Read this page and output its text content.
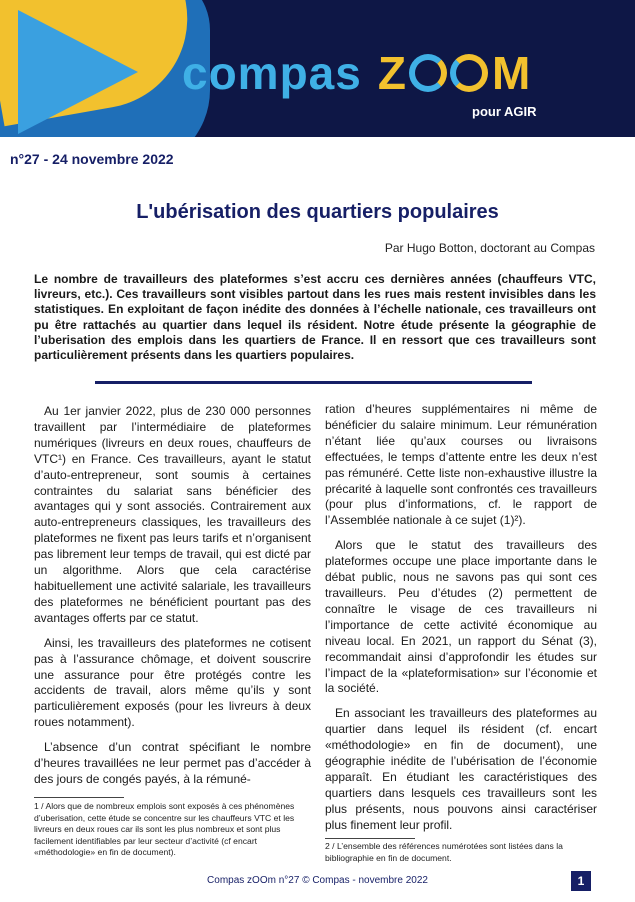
compas Z M
pour AGIR
n°27 - 24 novembre 2022
L'ubérisation des quartiers populaires
Par Hugo Botton, doctorant au Compas
Le nombre de travailleurs des plateformes s’est accru ces dernières années (chauffeurs VTC, livreurs, etc.). Ces travailleurs sont visibles partout dans les rues mais restent invisibles dans les statistiques. En exploitant de façon inédite des données à l’échelle nationale, ces travailleurs ont pu être rattachés au quartier dans lequel ils résident. Notre étude présente la géographie de l’uberisation des emplois dans les quartiers de France. Il en ressort que ces travailleurs sont particulièrement présents dans les quartiers populaires.

Au 1er janvier 2022, plus de 230 000 personnes travaillent par l’intermédiaire de plateformes numériques (livreurs en deux roues, chauffeurs de VTC¹) en France. Ces travailleurs, ayant le statut d’auto-entrepreneur, sont soumis à certaines contraintes du salariat sans bénéficier des avantages qui y sont associés. Contrairement aux auto-entrepreneurs classiques, les travailleurs des plateformes ne fixent pas leurs tarifs et n’organisent pas librement leur temps de travail, qui est dicté par un algorithme. Alors que cela caractérise habituellement une activité salariale, les travailleurs des plateformes ne bénéficient pourtant pas des avantages offerts par ce statut.

Ainsi, les travailleurs des plateformes ne cotisent pas à l’assurance chômage, et doivent souscrire une assurance pour être protégés contre les accidents de travail, alors même qu’ils y sont particulièrement exposés (pour les livreurs à deux roues notamment).

L’absence d’un contrat spécifiant le nombre d’heures travaillées ne leur permet pas d’accéder à des jours de congés payés, à la rémuné-

ration d’heures supplémentaires ni même de bénéficier du salaire minimum. Leur rémunération n’étant liée qu’aux courses ou livraisons effectuées, le temps d’attente entre les deux n’est pas rémunéré. Cette liste non-exhaustive illustre la précarité à laquelle sont confrontés ces travailleurs (pour plus d’informations, cf. le rapport de l’Assemblée nationale à ce sujet (1)²).

Alors que le statut des travailleurs des plateformes occupe une place importante dans le débat public, nous ne savons pas qui sont ces travailleurs. Peu d’études (2) permettent de connaître le visage de ces travailleurs ni l’importance de cette activité économique au niveau local. En 2021, un rapport du Sénat (3), recommandait ainsi d’approfondir les études sur l’impact de la «plateformisation» sur l’économie et la société.

En associant les travailleurs des plateformes au quartier dans lequel ils résident (cf. encart «méthodologie» en fin de document), une géographie inédite de l’ubérisation de l’économie apparaît. En étudiant les caractéristiques des quartiers dans lesquels ces travailleurs sont les plus présents, nous pouvons ainsi caractériser plus finement leur profil.

1 / Alors que de nombreux emplois sont exposés à ces phénomènes d’uberisation, cette étude se concentre sur les chauffeurs VTC et les livreurs en deux roues car ils sont les plus nombreux et sont plus facilement identifiables par leur secteur d’activité (cf encart «méthodologie» en fin de document).
2 / L’ensemble des références numérotées sont listées dans la bibliographie en fin de document.
Compas zOOm n°27 © Compas - novembre 2022	1
